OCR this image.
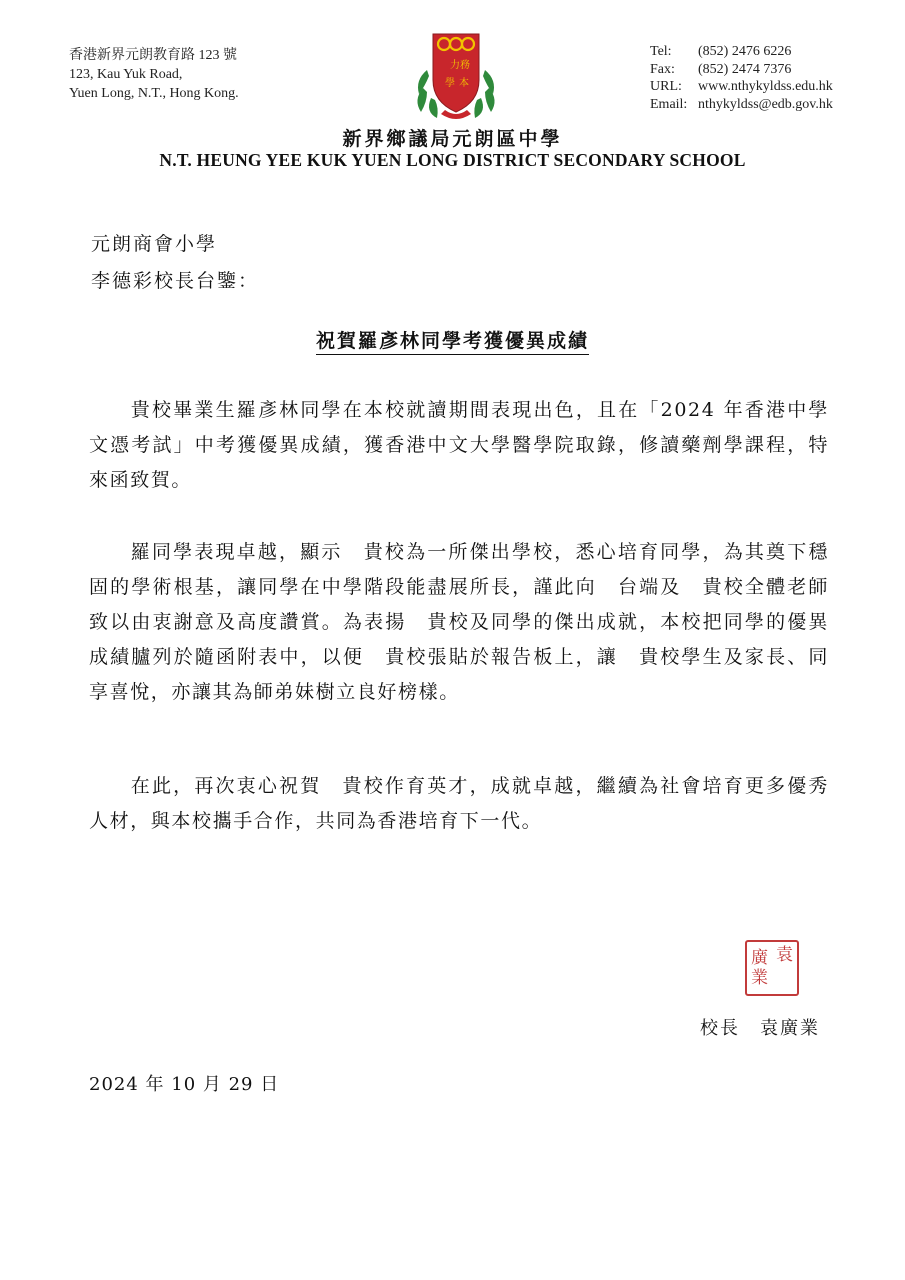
香港新界元朗教育路 123 號
123, Kau Yuk Road,
Yuen Long, N.T., Hong Kong.
力 務
學 本
Tel:	(852) 2476 6226
Fax:	(852) 2474 7376
URL:	www.nthykyldss.edu.hk
Email: nthykyldss@edb.gov.hk
新界鄉議局元朗區中學
N.T. HEUNG YEE KUK YUEN LONG DISTRICT SECONDARY SCHOOL
元朗商會小學
李德彩校長台鑒：
祝賀羅彥林同學考獲優異成績

貴校畢業生羅彥林同學在本校就讀期間表現出色，且在「2024 年香港中學文憑考試」中考獲優異成績，獲香港中文大學醫學院取錄，修讀藥劑學課程，特來函致賀。

羅同學表現卓越，顯示　貴校為一所傑出學校，悉心培育同學，為其奠下穩固的學術根基，讓同學在中學階段能盡展所長，謹此向　台端及　貴校全體老師致以由衷謝意及高度讚賞。為表揚　貴校及同學的傑出成就，本校把同學的優異成績臚列於隨函附表中，以便　貴校張貼於報告板上，讓　貴校學生及家長、同享喜悅，亦讓其為師弟妹樹立良好榜樣。

在此，再次衷心祝賀　貴校作育英才，成就卓越，繼續為社會培育更多優秀人材，與本校攜手合作，共同為香港培育下一代。

袁
廣
業
校長　袁廣業
2024 年 10 月 29 日
